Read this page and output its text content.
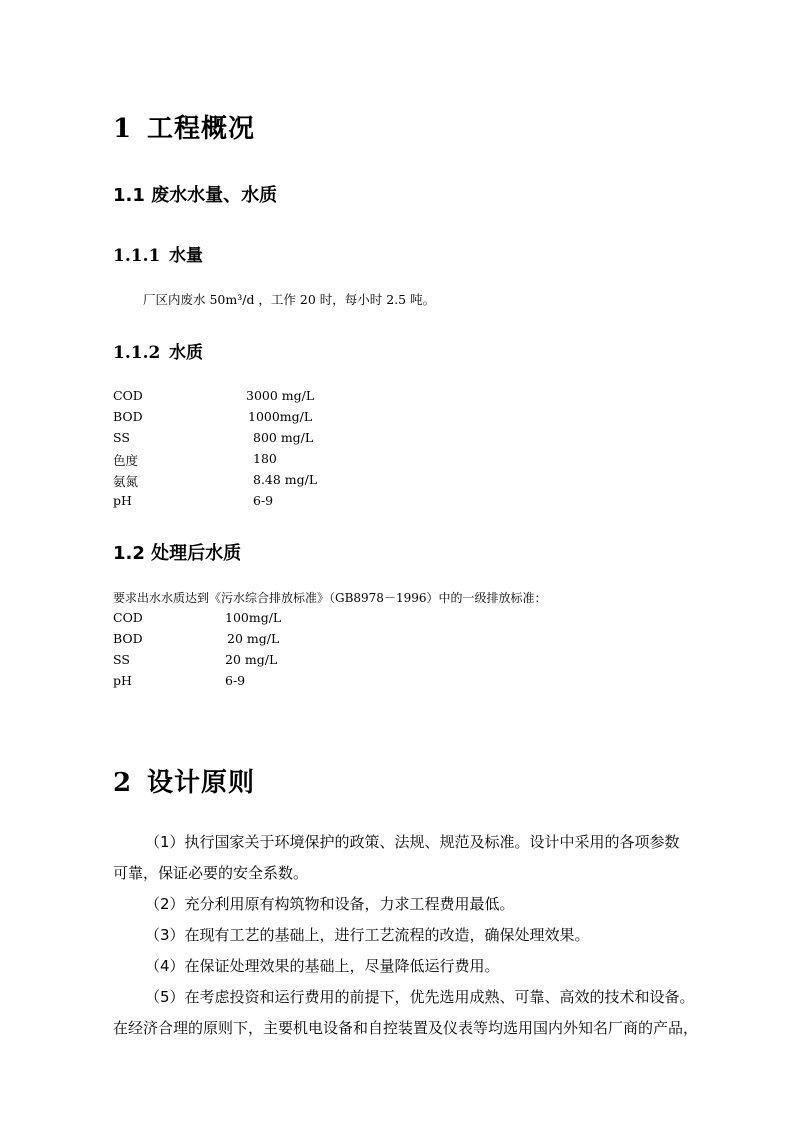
1 工程概况
1.1 废水水量、水质
1.1.1 水量
厂区内废水 50m³/d ，工作 20 时，每小时 2.5 吨。
1.1.2 水质
COD	3000 mg/L
BOD	1000mg/L
SS	800 mg/L
色度	180
氨氮	8.48 mg/L
pH	6-9
1.2 处理后水质
要求出水水质达到《污水综合排放标准》（GB8978－1996）中的一级排放标准：
COD	100mg/L
BOD	20 mg/L
SS	20 mg/L
pH	6-9
2 设计原则
（1）执行国家关于环境保护的政策、法规、规范及标准。设计中采用的各项参数
可靠，保证必要的安全系数。
（2）充分利用原有构筑物和设备，力求工程费用最低。
（3）在现有工艺的基础上，进行工艺流程的改造，确保处理效果。
（4）在保证处理效果的基础上，尽量降低运行费用。
（5）在考虑投资和运行费用的前提下，优先选用成熟、可靠、高效的技术和设备。
在经济合理的原则下，主要机电设备和自控装置及仪表等均选用国内外知名厂商的产品，
